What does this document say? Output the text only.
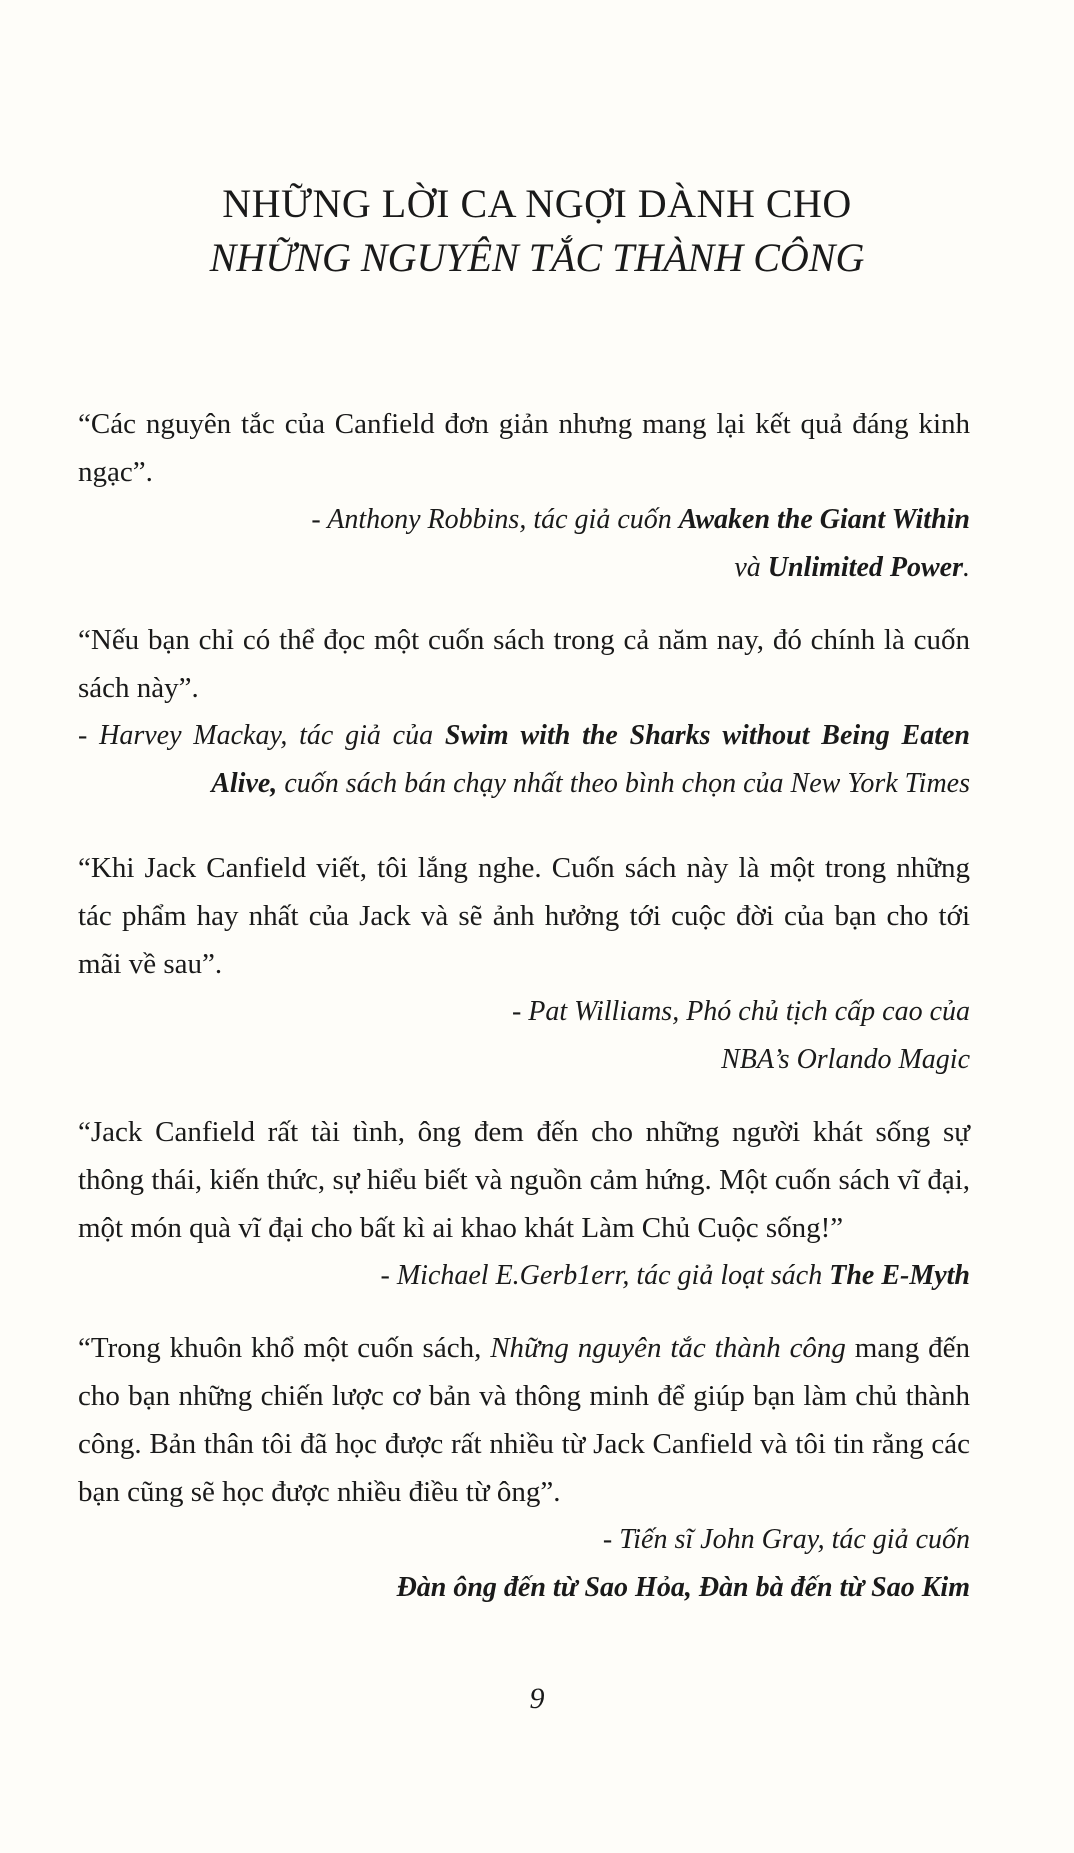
NHỮNG LỜI CA NGỢI DÀNH CHO
NHỮNG NGUYÊN TẮC THÀNH CÔNG
“Các nguyên tắc của Canfield đơn giản nhưng mang lại kết quả đáng kinh ngạc”.
- Anthony Robbins, tác giả cuốn Awaken the Giant Within
và Unlimited Power.
“Nếu bạn chỉ có thể đọc một cuốn sách trong cả năm nay, đó chính là cuốn sách này”.
- Harvey Mackay, tác giả của Swim with the Sharks without Being Eaten Alive, cuốn sách bán chạy nhất theo bình chọn của New York Times
“Khi Jack Canfield viết, tôi lắng nghe. Cuốn sách này là một trong những tác phẩm hay nhất của Jack và sẽ ảnh hưởng tới cuộc đời của bạn cho tới mãi về sau”.
- Pat Williams, Phó chủ tịch cấp cao của
NBA’s Orlando Magic
“Jack Canfield rất tài tình, ông đem đến cho những người khát sống sự thông thái, kiến thức, sự hiểu biết và nguồn cảm hứng. Một cuốn sách vĩ đại, một món quà vĩ đại cho bất kì ai khao khát Làm Chủ Cuộc sống!”
- Michael E.Gerb1err, tác giả loạt sách The E-Myth
“Trong khuôn khổ một cuốn sách, Những nguyên tắc thành công mang đến cho bạn những chiến lược cơ bản và thông minh để giúp bạn làm chủ thành công. Bản thân tôi đã học được rất nhiều từ Jack Canfield và tôi tin rằng các bạn cũng sẽ học được nhiều điều từ ông”.
- Tiến sĩ John Gray, tác giả cuốn
Đàn ông đến từ Sao Hỏa, Đàn bà đến từ Sao Kim
9
